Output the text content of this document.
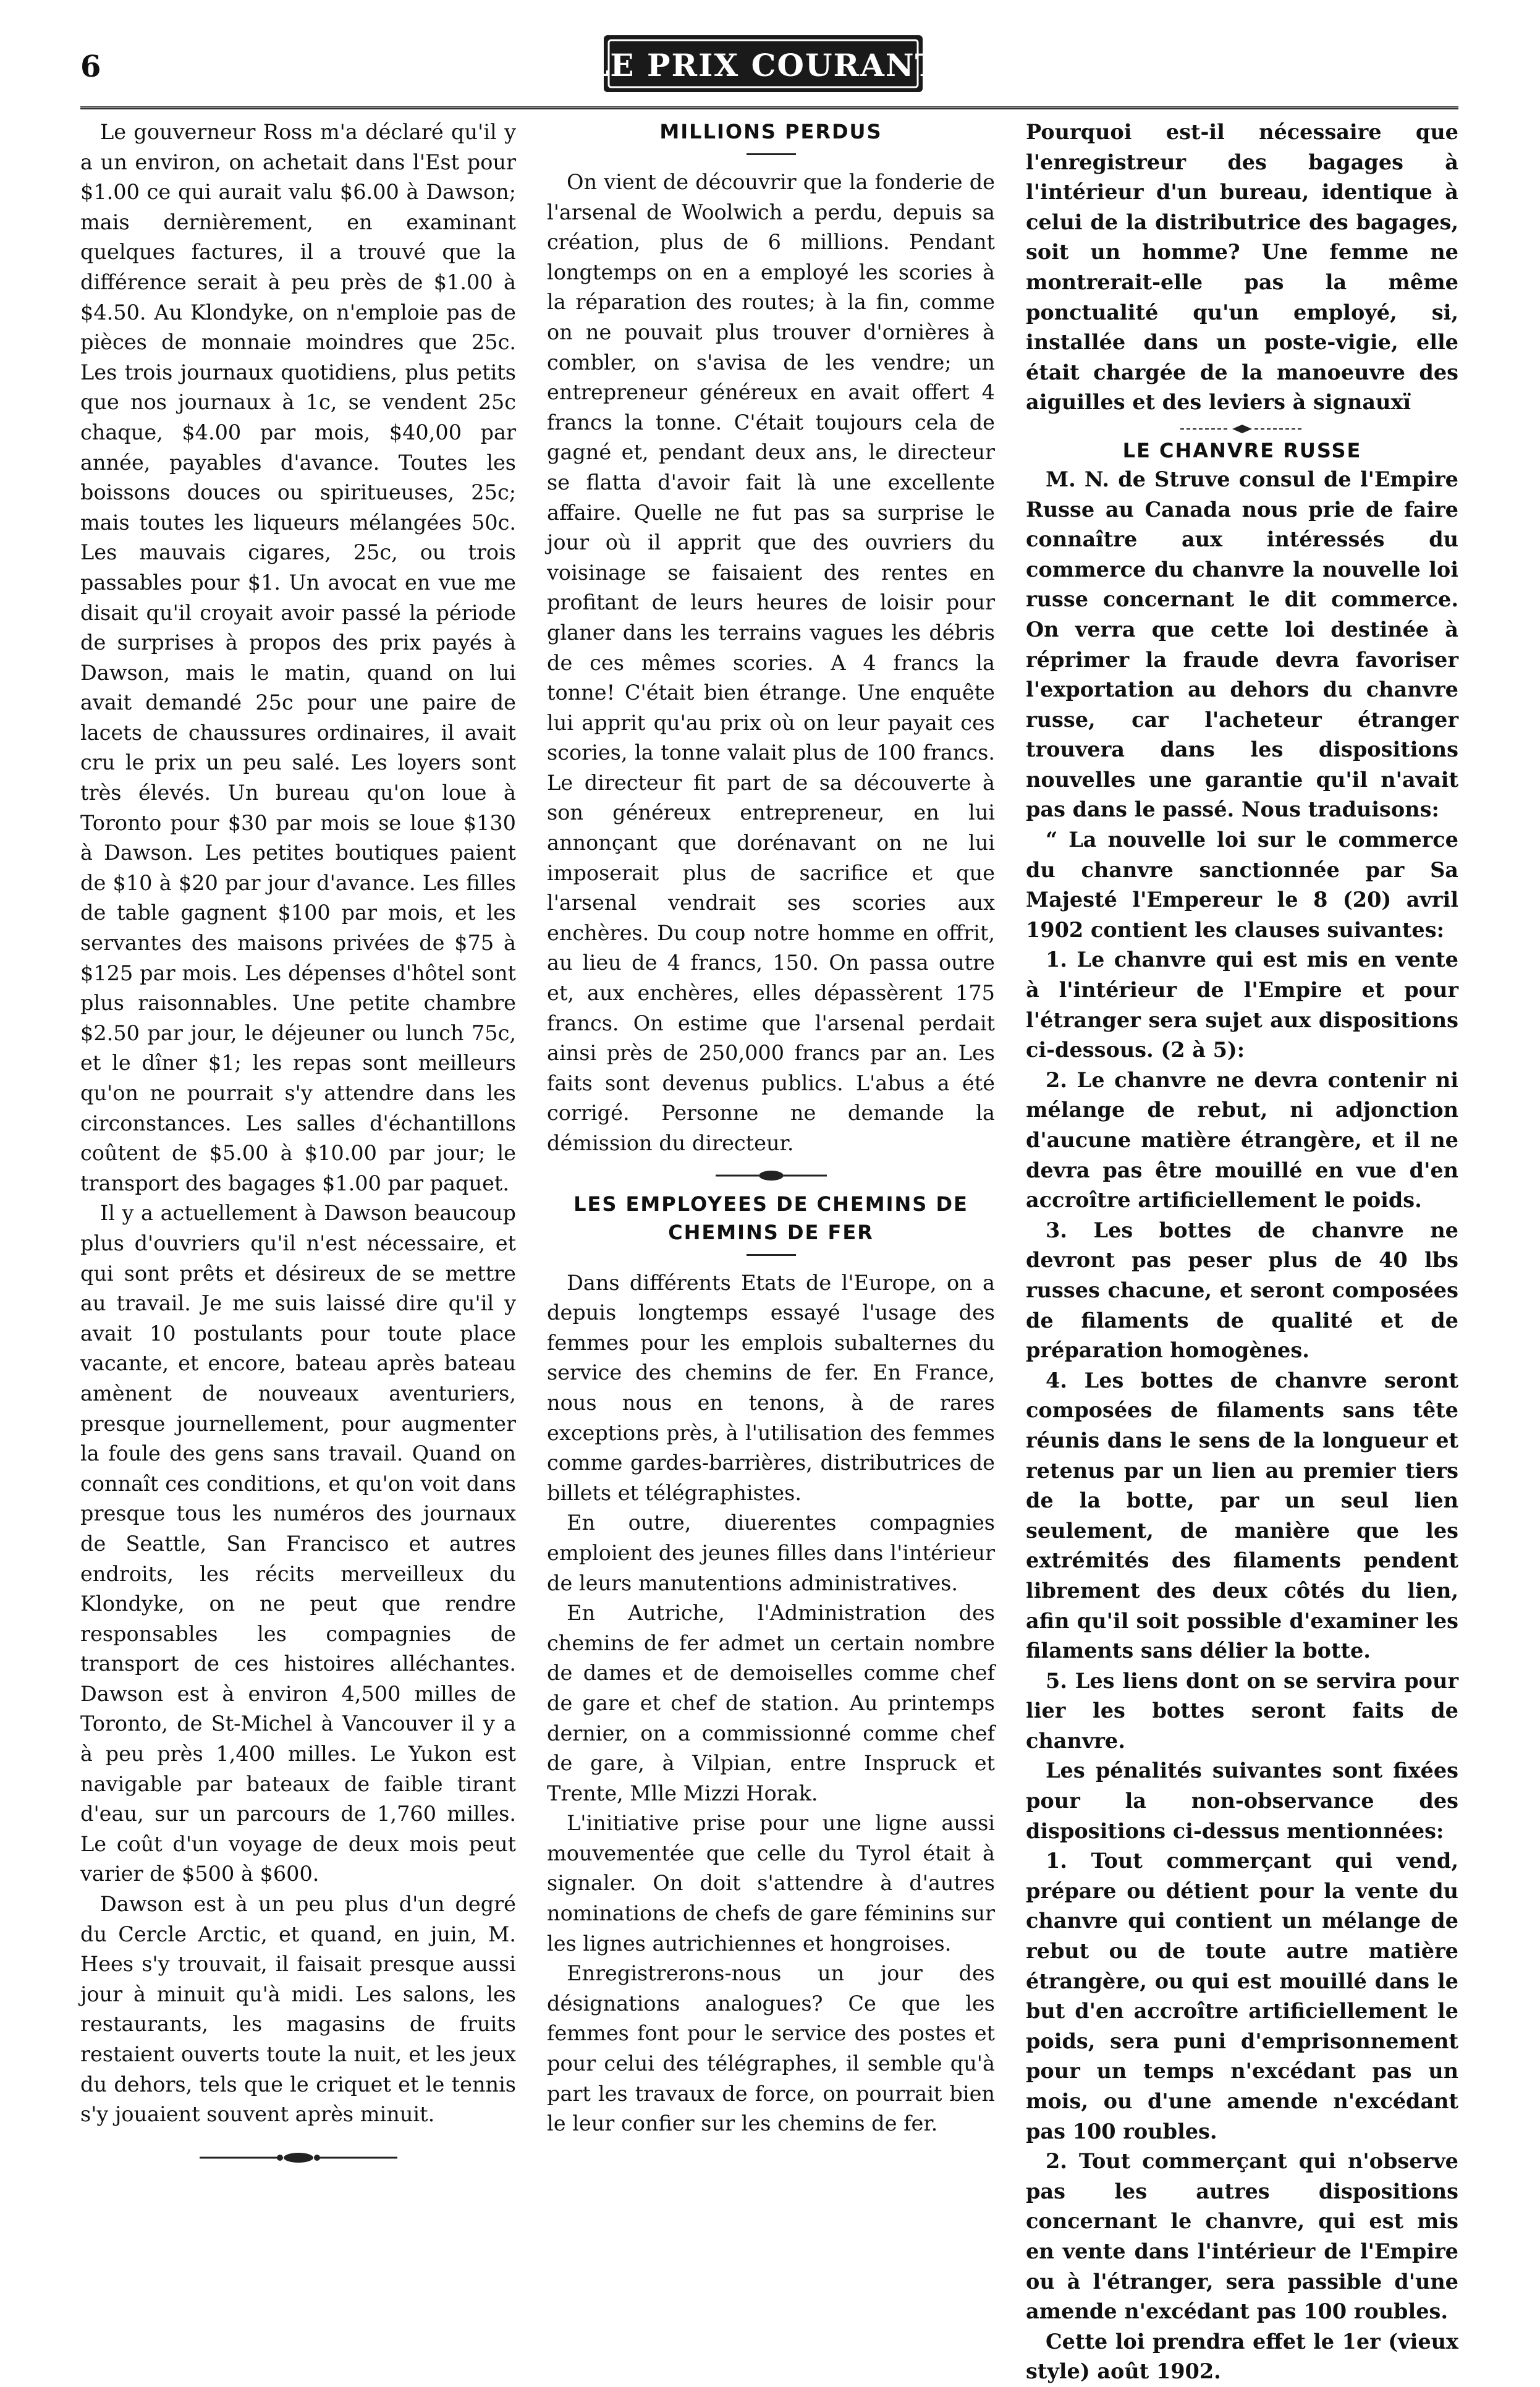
6	LE PRIX COURANT

Le gouverneur Ross m'a déclaré qu'il y a un environ, on achetait dans l'Est pour $1.00 ce qui aurait valu $6.00 à Dawson; mais dernièrement, en examinant quelques factures, il a trouvé que la différence serait à peu près de $1.00 à $4.50. Au Klondyke, on n'emploie pas de pièces de monnaie moindres que 25c. Les trois journaux quotidiens, plus petits que nos journaux à 1c, se vendent 25c chaque, $4.00 par mois, $40,00 par année, payables d'avance. Toutes les boissons douces ou spiritueuses, 25c; mais toutes les liqueurs mélangées 50c. Les mauvais cigares, 25c, ou trois passables pour $1. Un avocat en vue me disait qu'il croyait avoir passé la période de surprises à propos des prix payés à Dawson, mais le matin, quand on lui avait demandé 25c pour une paire de lacets de chaussures ordinaires, il avait cru le prix un peu salé. Les loyers sont très élevés. Un bureau qu'on loue à Toronto pour $30 par mois se loue $130 à Dawson. Les petites boutiques paient de $10 à $20 par jour d'avance. Les filles de table gagnent $100 par mois, et les servantes des maisons privées de $75 à $125 par mois. Les dépenses d'hôtel sont plus raisonnables. Une petite chambre $2.50 par jour, le déjeuner ou lunch 75c, et le dîner $1; les repas sont meilleurs qu'on ne pourrait s'y attendre dans les circonstances. Les salles d'échantillons coûtent de $5.00 à $10.00 par jour; le transport des bagages $1.00 par paquet.

Il y a actuellement à Dawson beaucoup plus d'ouvriers qu'il n'est nécessaire, et qui sont prêts et désireux de se mettre au travail. Je me suis laissé dire qu'il y avait 10 postulants pour toute place vacante, et encore, bateau après bateau amènent de nouveaux aventuriers, presque journellement, pour augmenter la foule des gens sans travail. Quand on connaît ces conditions, et qu'on voit dans presque tous les numéros des journaux de Seattle, San Francisco et autres endroits, les récits merveilleux du Klondyke, on ne peut que rendre responsables les compagnies de transport de ces histoires alléchantes. Dawson est à environ 4,500 milles de Toronto, de St-Michel à Vancouver il y a à peu près 1,400 milles. Le Yukon est navigable par bateaux de faible tirant d'eau, sur un parcours de 1,760 milles. Le coût d'un voyage de deux mois peut varier de $500 à $600.

Dawson est à un peu plus d'un degré du Cercle Arctic, et quand, en juin, M. Hees s'y trouvait, il faisait presque aussi jour à minuit qu'à midi. Les salons, les restaurants, les magasins de fruits restaient ouverts toute la nuit, et les jeux du dehors, tels que le criquet et le tennis s'y jouaient souvent après minuit.

MILLIONS PERDUS

On vient de découvrir que la fonderie de l'arsenal de Woolwich a perdu, depuis sa création, plus de 6 millions. Pendant longtemps on en a employé les scories à la réparation des routes; à la fin, comme on ne pouvait plus trouver d'ornières à combler, on s'avisa de les vendre; un entrepreneur généreux en avait offert 4 francs la tonne. C'était toujours cela de gagné et, pendant deux ans, le directeur se flatta d'avoir fait là une excellente affaire. Quelle ne fut pas sa surprise le jour où il apprit que des ouvriers du voisinage se faisaient des rentes en profitant de leurs heures de loisir pour glaner dans les terrains vagues les débris de ces mêmes scories. A 4 francs la tonne! C'était bien étrange. Une enquête lui apprit qu'au prix où on leur payait ces scories, la tonne valait plus de 100 francs. Le directeur fit part de sa découverte à son généreux entrepreneur, en lui annonçant que dorénavant on ne lui imposerait plus de sacrifice et que l'arsenal vendrait ses scories aux enchères. Du coup notre homme en offrit, au lieu de 4 francs, 150. On passa outre et, aux enchères, elles dépassèrent 175 francs. On estime que l'arsenal perdait ainsi près de 250,000 francs par an. Les faits sont devenus publics. L'abus a été corrigé. Personne ne demande la démission du directeur.

LES EMPLOYEES DE CHEMINS DE CHEMINS DE FER

Dans différents Etats de l'Europe, on a depuis longtemps essayé l'usage des femmes pour les emplois subalternes du service des chemins de fer. En France, nous nous en tenons, à de rares exceptions près, à l'utilisation des femmes comme gardes-barrières, distributrices de billets et télégraphistes.

En outre, diuerentes compagnies emploient des jeunes filles dans l'intérieur de leurs manutentions administratives.

En Autriche, l'Administration des chemins de fer admet un certain nombre de dames et de demoiselles comme chef de gare et chef de station. Au printemps dernier, on a commissionné comme chef de gare, à Vilpian, entre Inspruck et Trente, Mlle Mizzi Horak.

L'initiative prise pour une ligne aussi mouvementée que celle du Tyrol était à signaler. On doit s'attendre à d'autres nominations de chefs de gare féminins sur les lignes autrichiennes et hongroises.

Enregistrerons-nous un jour des désignations analogues? Ce que les femmes font pour le service des postes et pour celui des télégraphes, il semble qu'à part les travaux de force, on pourrait bien le leur confier sur les chemins de fer.

Pourquoi est-il nécessaire que l'enregistreur des bagages à l'intérieur d'un bureau, identique à celui de la distributrice des bagages, soit un homme? Une femme ne montrerait-elle pas la même ponctualité qu'un employé, si, installée dans un poste-vigie, elle était chargée de la manoeuvre des aiguilles et des leviers à signauxï

LE CHANVRE RUSSE

M. N. de Struve consul de l'Empire Russe au Canada nous prie de faire connaître aux intéressés du commerce du chanvre la nouvelle loi russe concernant le dit commerce. On verra que cette loi destinée à réprimer la fraude devra favoriser l'exportation au dehors du chanvre russe, car l'acheteur étranger trouvera dans les dispositions nouvelles une garantie qu'il n'avait pas dans le passé. Nous traduisons:

“ La nouvelle loi sur le commerce du chanvre sanctionnée par Sa Majesté l'Empereur le 8 (20) avril 1902 contient les clauses suivantes:

1. Le chanvre qui est mis en vente à l'intérieur de l'Empire et pour l'étranger sera sujet aux dispositions ci-dessous. (2 à 5):

2. Le chanvre ne devra contenir ni mélange de rebut, ni adjonction d'aucune matière étrangère, et il ne devra pas être mouillé en vue d'en accroître artificiellement le poids.

3. Les bottes de chanvre ne devront pas peser plus de 40 lbs russes chacune, et seront composées de filaments de qualité et de préparation homogènes.

4. Les bottes de chanvre seront composées de filaments sans tête réunis dans le sens de la longueur et retenus par un lien au premier tiers de la botte, par un seul lien seulement, de manière que les extrémités des filaments pendent librement des deux côtés du lien, afin qu'il soit possible d'examiner les filaments sans délier la botte.

5. Les liens dont on se servira pour lier les bottes seront faits de chanvre.

Les pénalités suivantes sont fixées pour la non-observance des dispositions ci-dessus mentionnées:

1. Tout commerçant qui vend, prépare ou détient pour la vente du chanvre qui contient un mélange de rebut ou de toute autre matière étrangère, ou qui est mouillé dans le but d'en accroître artificiellement le poids, sera puni d'emprisonnement pour un temps n'excédant pas un mois, ou d'une amende n'excédant pas 100 roubles.

2. Tout commerçant qui n'observe pas les autres dispositions concernant le chanvre, qui est mis en vente dans l'intérieur de l'Empire ou à l'étranger, sera passible d'une amende n'excédant pas 100 roubles.

Cette loi prendra effet le 1er (vieux style) août 1902.
